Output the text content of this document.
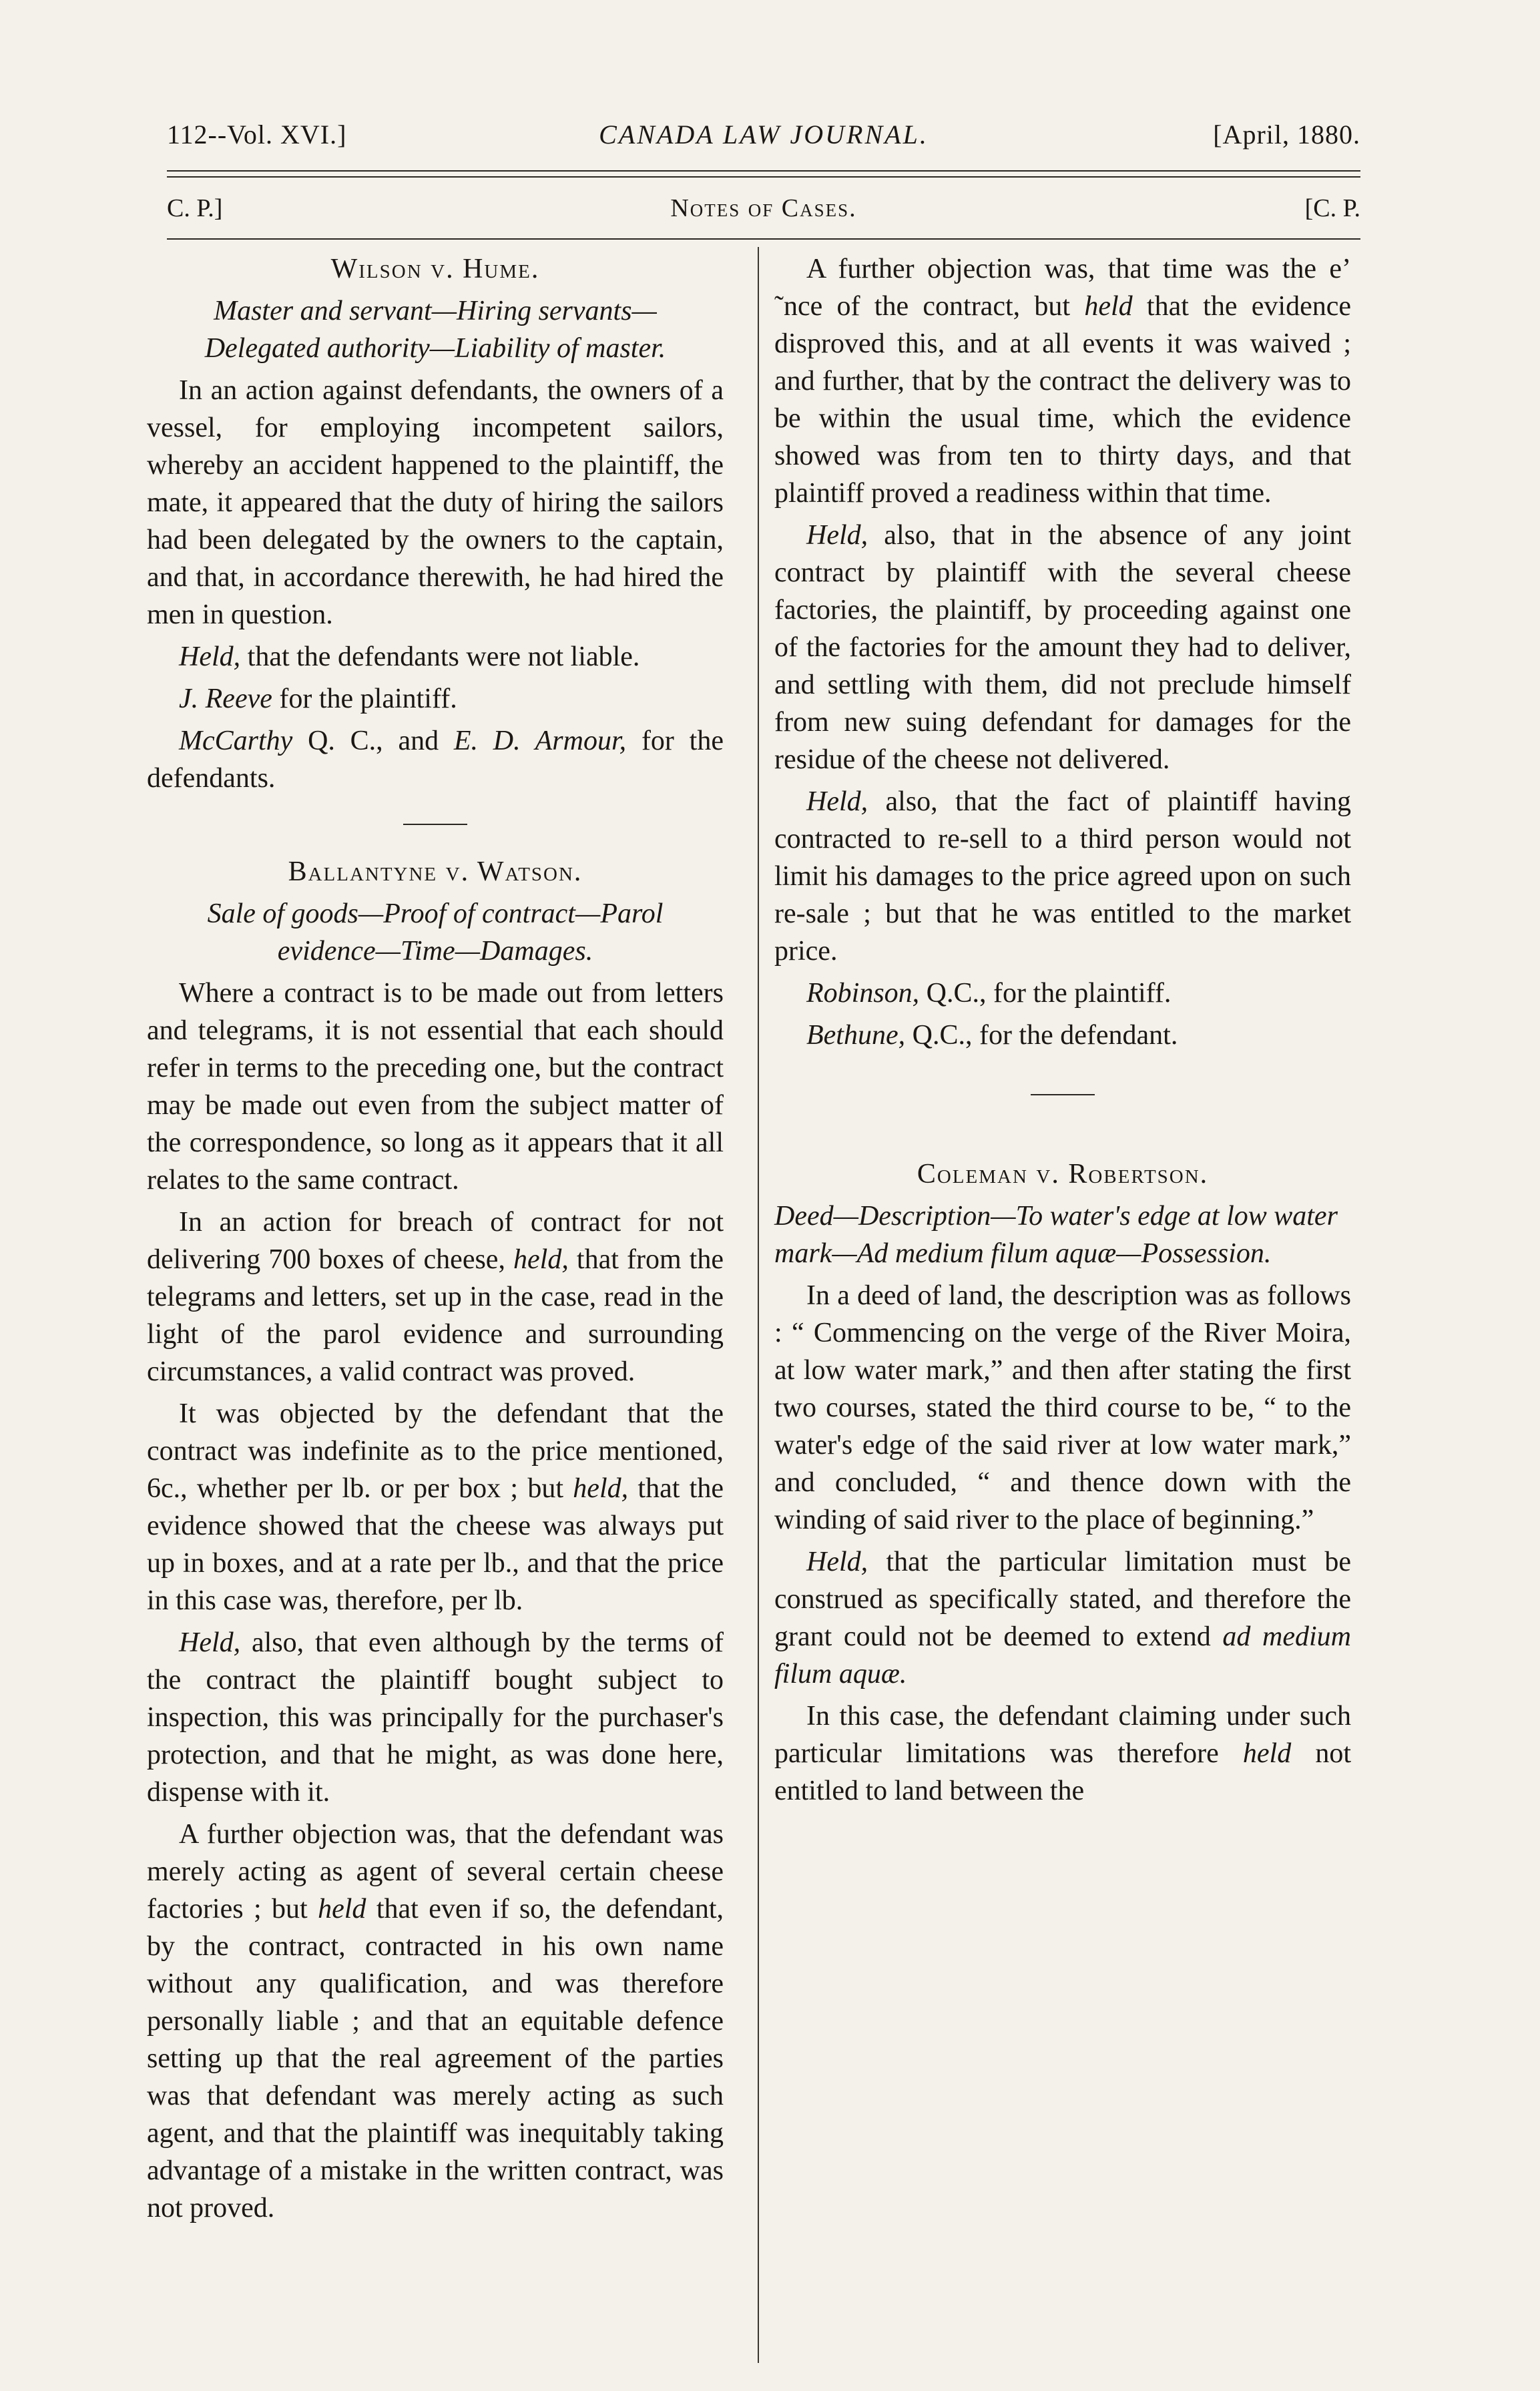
112--Vol. XVI.]	CANADA LAW JOURNAL.	[April, 1880.
C. P.]	Notes of Cases.	[C. P.

Wilson v. Hume.

Master and servant—Hiring servants—Delegated authority—Liability of master.

In an action against defendants, the owners of a vessel, for employing incompetent sailors, whereby an accident happened to the plaintiff, the mate, it appeared that the duty of hiring the sailors had been delegated by the owners to the captain, and that, in accordance therewith, he had hired the men in question.

Held, that the defendants were not liable.

J. Reeve for the plaintiff.

McCarthy Q. C., and E. D. Armour, for the defendants.

Ballantyne v. Watson.

Sale of goods—Proof of contract—Parol evidence—Time—Damages.

Where a contract is to be made out from letters and telegrams, it is not essential that each should refer in terms to the preceding one, but the contract may be made out even from the subject matter of the correspondence, so long as it appears that it all relates to the same contract.

In an action for breach of contract for not delivering 700 boxes of cheese, held, that from the telegrams and letters, set up in the case, read in the light of the parol evidence and surrounding circumstances, a valid contract was proved.

It was objected by the defendant that the contract was indefinite as to the price mentioned, 6c., whether per lb. or per box ; but held, that the evidence showed that the cheese was always put up in boxes, and at a rate per lb., and that the price in this case was, therefore, per lb.

Held, also, that even although by the terms of the contract the plaintiff bought subject to inspection, this was principally for the purchaser's protection, and that he might, as was done here, dispense with it.

A further objection was, that the defendant was merely acting as agent of several certain cheese factories ; but held that even if so, the defendant, by the contract, contracted in his own name without any qualification, and was therefore personally liable ; and that an equitable defence setting up that the real agreement of the parties was that defendant was merely acting as such agent, and that the plaintiff was inequitably taking advantage of a mistake in the written contract, was not proved.

A further objection was, that time was the e’ ˜nce of the contract, but held that the evidence disproved this, and at all events it was waived ; and further, that by the contract the delivery was to be within the usual time, which the evidence showed was from ten to thirty days, and that plaintiff proved a readiness within that time.

Held, also, that in the absence of any joint contract by plaintiff with the several cheese factories, the plaintiff, by proceeding against one of the factories for the amount they had to deliver, and settling with them, did not preclude himself from new suing defendant for damages for the residue of the cheese not delivered.

Held, also, that the fact of plaintiff having contracted to re-sell to a third person would not limit his damages to the price agreed upon on such re-sale ; but that he was entitled to the market price.

Robinson, Q.C., for the plaintiff.

Bethune, Q.C., for the defendant.

Coleman v. Robertson.

Deed—Description—To water's edge at low water mark—Ad medium filum aquæ—Possession.

In a deed of land, the description was as follows : “ Commencing on the verge of the River Moira, at low water mark,” and then after stating the first two courses, stated the third course to be, “ to the water's edge of the said river at low water mark,” and concluded, “ and thence down with the winding of said river to the place of beginning.”

Held, that the particular limitation must be construed as specifically stated, and therefore the grant could not be deemed to extend ad medium filum aquæ.

In this case, the defendant claiming under such particular limitations was therefore held not entitled to land between the
